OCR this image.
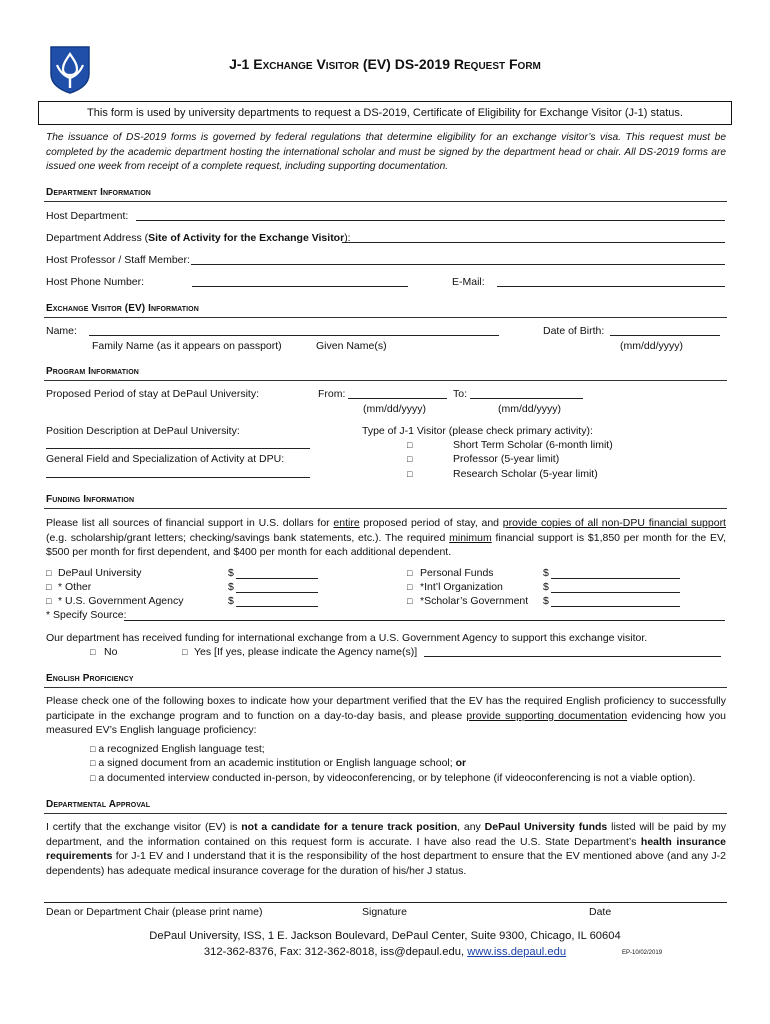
J-1 Exchange Visitor (EV) DS-2019 Request Form
This form is used by university departments to request a DS-2019, Certificate of Eligibility for Exchange Visitor (J-1) status.
The issuance of DS-2019 forms is governed by federal regulations that determine eligibility for an exchange visitor’s visa. This request must be completed by the academic department hosting the international scholar and must be signed by the department head or chair. All DS-2019 forms are issued one week from receipt of a complete request, including supporting documentation.
Department Information
Host Department:
Department Address (Site of Activity for the Exchange Visitor):
Host Professor / Staff Member:
Host Phone Number:	E-Mail:
Exchange Visitor (EV) Information
Name:	Date of Birth:
Family Name (as it appears on passport)	Given Name(s)	(mm/dd/yyyy)
Program Information
Proposed Period of stay at DePaul University:	From:	To:
(mm/dd/yyyy)	(mm/dd/yyyy)
Position Description at DePaul University:
General Field and Specialization of Activity at DPU:
Type of J-1 Visitor (please check primary activity):
□	Short Term Scholar (6-month limit)
□	Professor (5-year limit)
□	Research Scholar (5-year limit)
Funding Information
Please list all sources of financial support in U.S. dollars for entire proposed period of stay, and provide copies of all non-DPU financial support (e.g. scholarship/grant letters; checking/savings bank statements, etc.). The required minimum financial support is $1,850 per month for the EV, $500 per month for first dependent, and $400 per month for each additional dependent.
□ DePaul University	$
□ * Other	$
□ * U.S. Government Agency	$
□ Personal Funds	$
□ *Int’l Organization	$
□ *Scholar’s Government $
* Specify Source:
Our department has received funding for international exchange from a U.S. Government Agency to support this exchange visitor.
□ No	□ Yes [If yes, please indicate the Agency name(s)]
English Proficiency
Please check one of the following boxes to indicate how your department verified that the EV has the required English proficiency to successfully participate in the exchange program and to function on a day-to-day basis, and please provide supporting documentation evidencing how you measured EV’s English language proficiency:
□ a recognized English language test;
□ a signed document from an academic institution or English language school; or
□ a documented interview conducted in-person, by videoconferencing, or by telephone (if videoconferencing is not a viable option).
Departmental Approval
I certify that the exchange visitor (EV) is not a candidate for a tenure track position, any DePaul University funds listed will be paid by my department, and the information contained on this request form is accurate. I have also read the U.S. State Department’s health insurance requirements for J-1 EV and I understand that it is the responsibility of the host department to ensure that the EV mentioned above (and any J-2 dependents) has adequate medical insurance coverage for the duration of his/her J status.
Dean or Department Chair (please print name)	Signature	Date
DePaul University, ISS, 1 E. Jackson Boulevard, DePaul Center, Suite 9300, Chicago, IL 60604
312-362-8376, Fax: 312-362-8018, iss@depaul.edu, www.iss.depaul.edu	EP-10/02/2019
